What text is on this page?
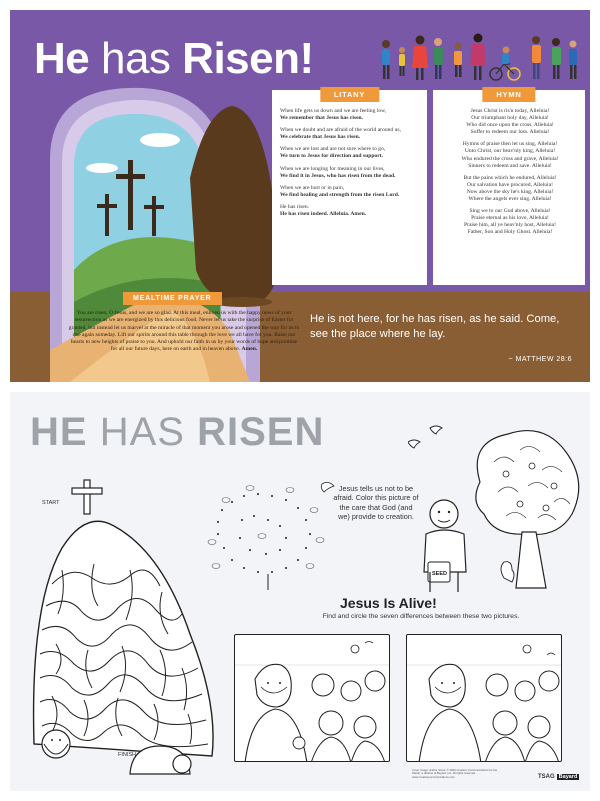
He has Risen!
LITANY

When life gets us down and we are feeling low,
We remember that Jesus has risen.

When we doubt and are afraid of the world around us,
We celebrate that Jesus has risen.

When we are lost and are not sure where to go,
We turn to Jesus for direction and support.

When we are longing for meaning in our lives,
We find it in Jesus, who has risen from the dead.

When we are hurt or in pain,
We find healing and strength from the risen Lord.

He has risen.
He has risen indeed. Alleluia. Amen.

HYMN

Jesus Christ is ris'n today, Alleluia!
Our triumphant holy day, Alleluia!
Who did once upon the cross, Alleluia!
Suffer to redeem our loss. Alleluia!

Hymns of praise then let us sing, Alleluia!
Unto Christ, our heav'nly king, Alleluia!
Who endured the cross and grave, Alleluia!
Sinners to redeem and save. Alleluia!

But the pains which he endured, Alleluia!
Our salvation have procured, Alleluia!
Now above the sky he's king, Alleluia!
Where the angels ever sing. Alleluia!

Sing we to our God above, Alleluia!
Praise eternal as his love, Alleluia!
Praise him, all ye heav'nly host, Alleluia!
Father, Son and Holy Ghost. Alleluia!

MEALTIME PRAYER
You are risen, O Jesus, and we are so glad. At this meal, enliven us with the happy news of your resurrection as we are energized by this delicious food. Never let us take the surprise of Easter for granted, but instead let us marvel at the miracle of that moment you arose and opened the way for us to rise again someday. Lift our spirits around this table through the love we all have for you. Raise our hearts to new heights of praise to you. And uphold our faith in us by your words of hope and promise for all our future days, here on earth and in heaven above. Amen.
He is not here, for he has risen, as he said. Come, see the place where he lay.
~ MATTHEW 28:6
HE HAS RISEN
START
FINISH
Jesus tells us not to be afraid. Color this picture of the care that God (and we) provide to creation.
SEED
Jesus Is Alive!
Find and circle the seven differences between these two pictures.
Cover image: Adobe Stock. © 2020 Creative Communications for the Parish, a division of Bayard, Inc. All rights reserved. www.creativecommunications.com	TSAG Bayard
